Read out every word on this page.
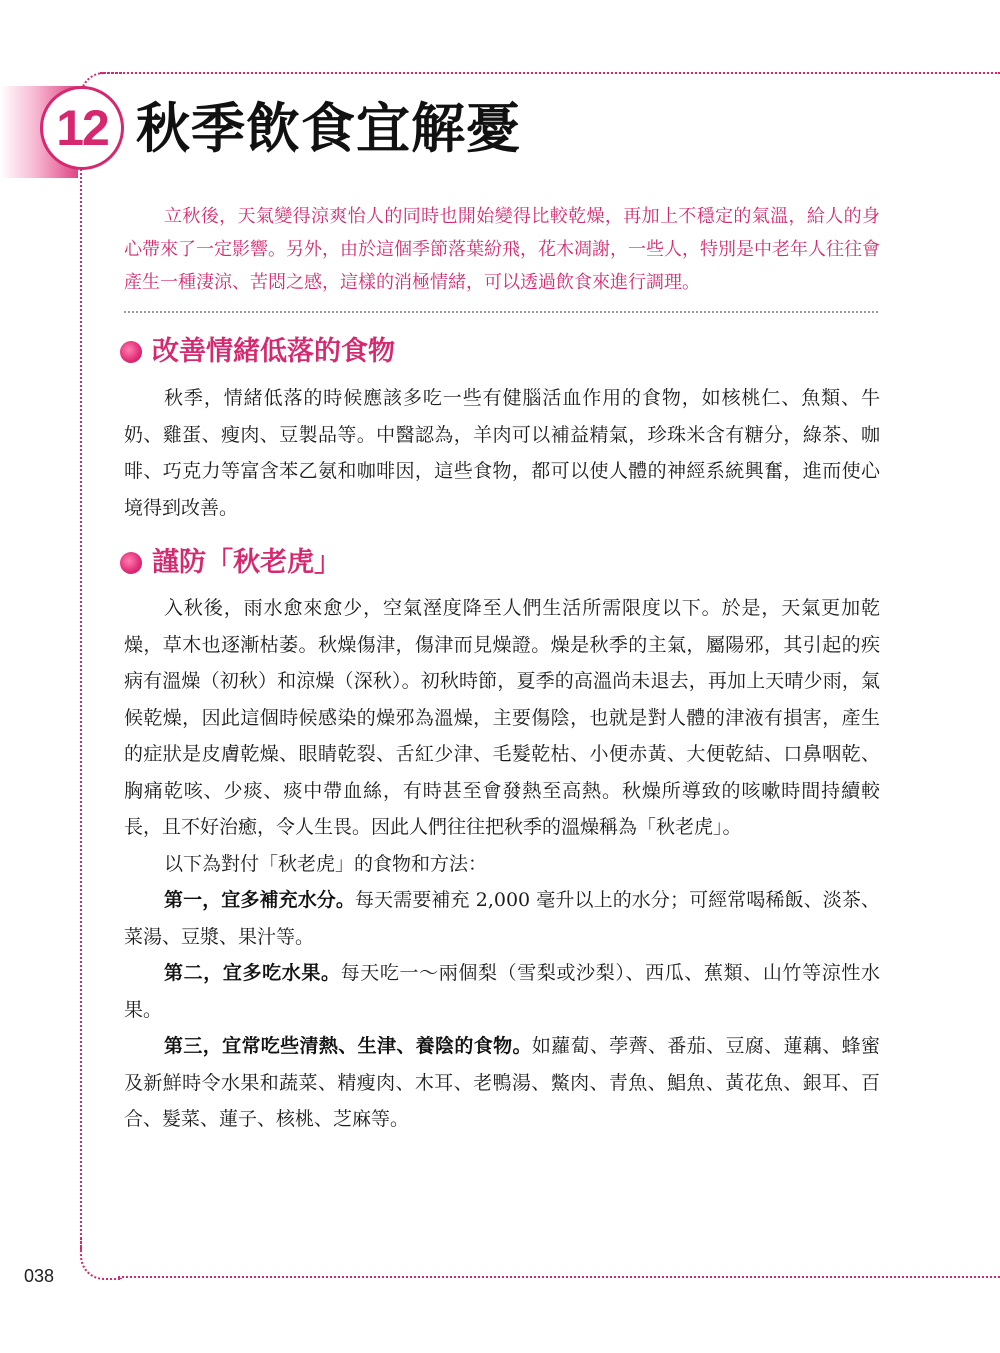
12 秋季飲食宜解憂

立秋後，天氣變得涼爽怡人的同時也開始變得比較乾燥，再加上不穩定的氣溫，給人的身心帶來了一定影響。另外，由於這個季節落葉紛飛，花木凋謝，一些人，特別是中老年人往往會產生一種淒涼、苦悶之感，這樣的消極情緒，可以透過飲食來進行調理。

改善情緒低落的食物

秋季，情緒低落的時候應該多吃一些有健腦活血作用的食物，如核桃仁、魚類、牛奶、雞蛋、瘦肉、豆製品等。中醫認為，羊肉可以補益精氣，珍珠米含有糖分，綠茶、咖啡、巧克力等富含苯乙氨和咖啡因，這些食物，都可以使人體的神經系統興奮，進而使心境得到改善。

謹防「秋老虎」

入秋後，雨水愈來愈少，空氣溼度降至人們生活所需限度以下。於是，天氣更加乾燥，草木也逐漸枯萎。秋燥傷津，傷津而見燥證。燥是秋季的主氣，屬陽邪，其引起的疾病有溫燥（初秋）和涼燥（深秋）。初秋時節，夏季的高溫尚未退去，再加上天晴少雨，氣候乾燥，因此這個時候感染的燥邪為溫燥，主要傷陰，也就是對人體的津液有損害，產生的症狀是皮膚乾燥、眼睛乾裂、舌紅少津、毛髮乾枯、小便赤黃、大便乾結、口鼻咽乾、胸痛乾咳、少痰、痰中帶血絲，有時甚至會發熱至高熱。秋燥所導致的咳嗽時間持續較長，且不好治癒，令人生畏。因此人們往往把秋季的溫燥稱為「秋老虎」。

以下為對付「秋老虎」的食物和方法：

第一，宜多補充水分。每天需要補充 2,000 毫升以上的水分；可經常喝稀飯、淡茶、菜湯、豆漿、果汁等。

第二，宜多吃水果。每天吃一～兩個梨（雪梨或沙梨）、西瓜、蕉類、山竹等涼性水果。

第三，宜常吃些清熱、生津、養陰的食物。如蘿蔔、荸薺、番茄、豆腐、蓮藕、蜂蜜及新鮮時令水果和蔬菜、精瘦肉、木耳、老鴨湯、鱉肉、青魚、鯧魚、黃花魚、銀耳、百合、髮菜、蓮子、核桃、芝麻等。

038
